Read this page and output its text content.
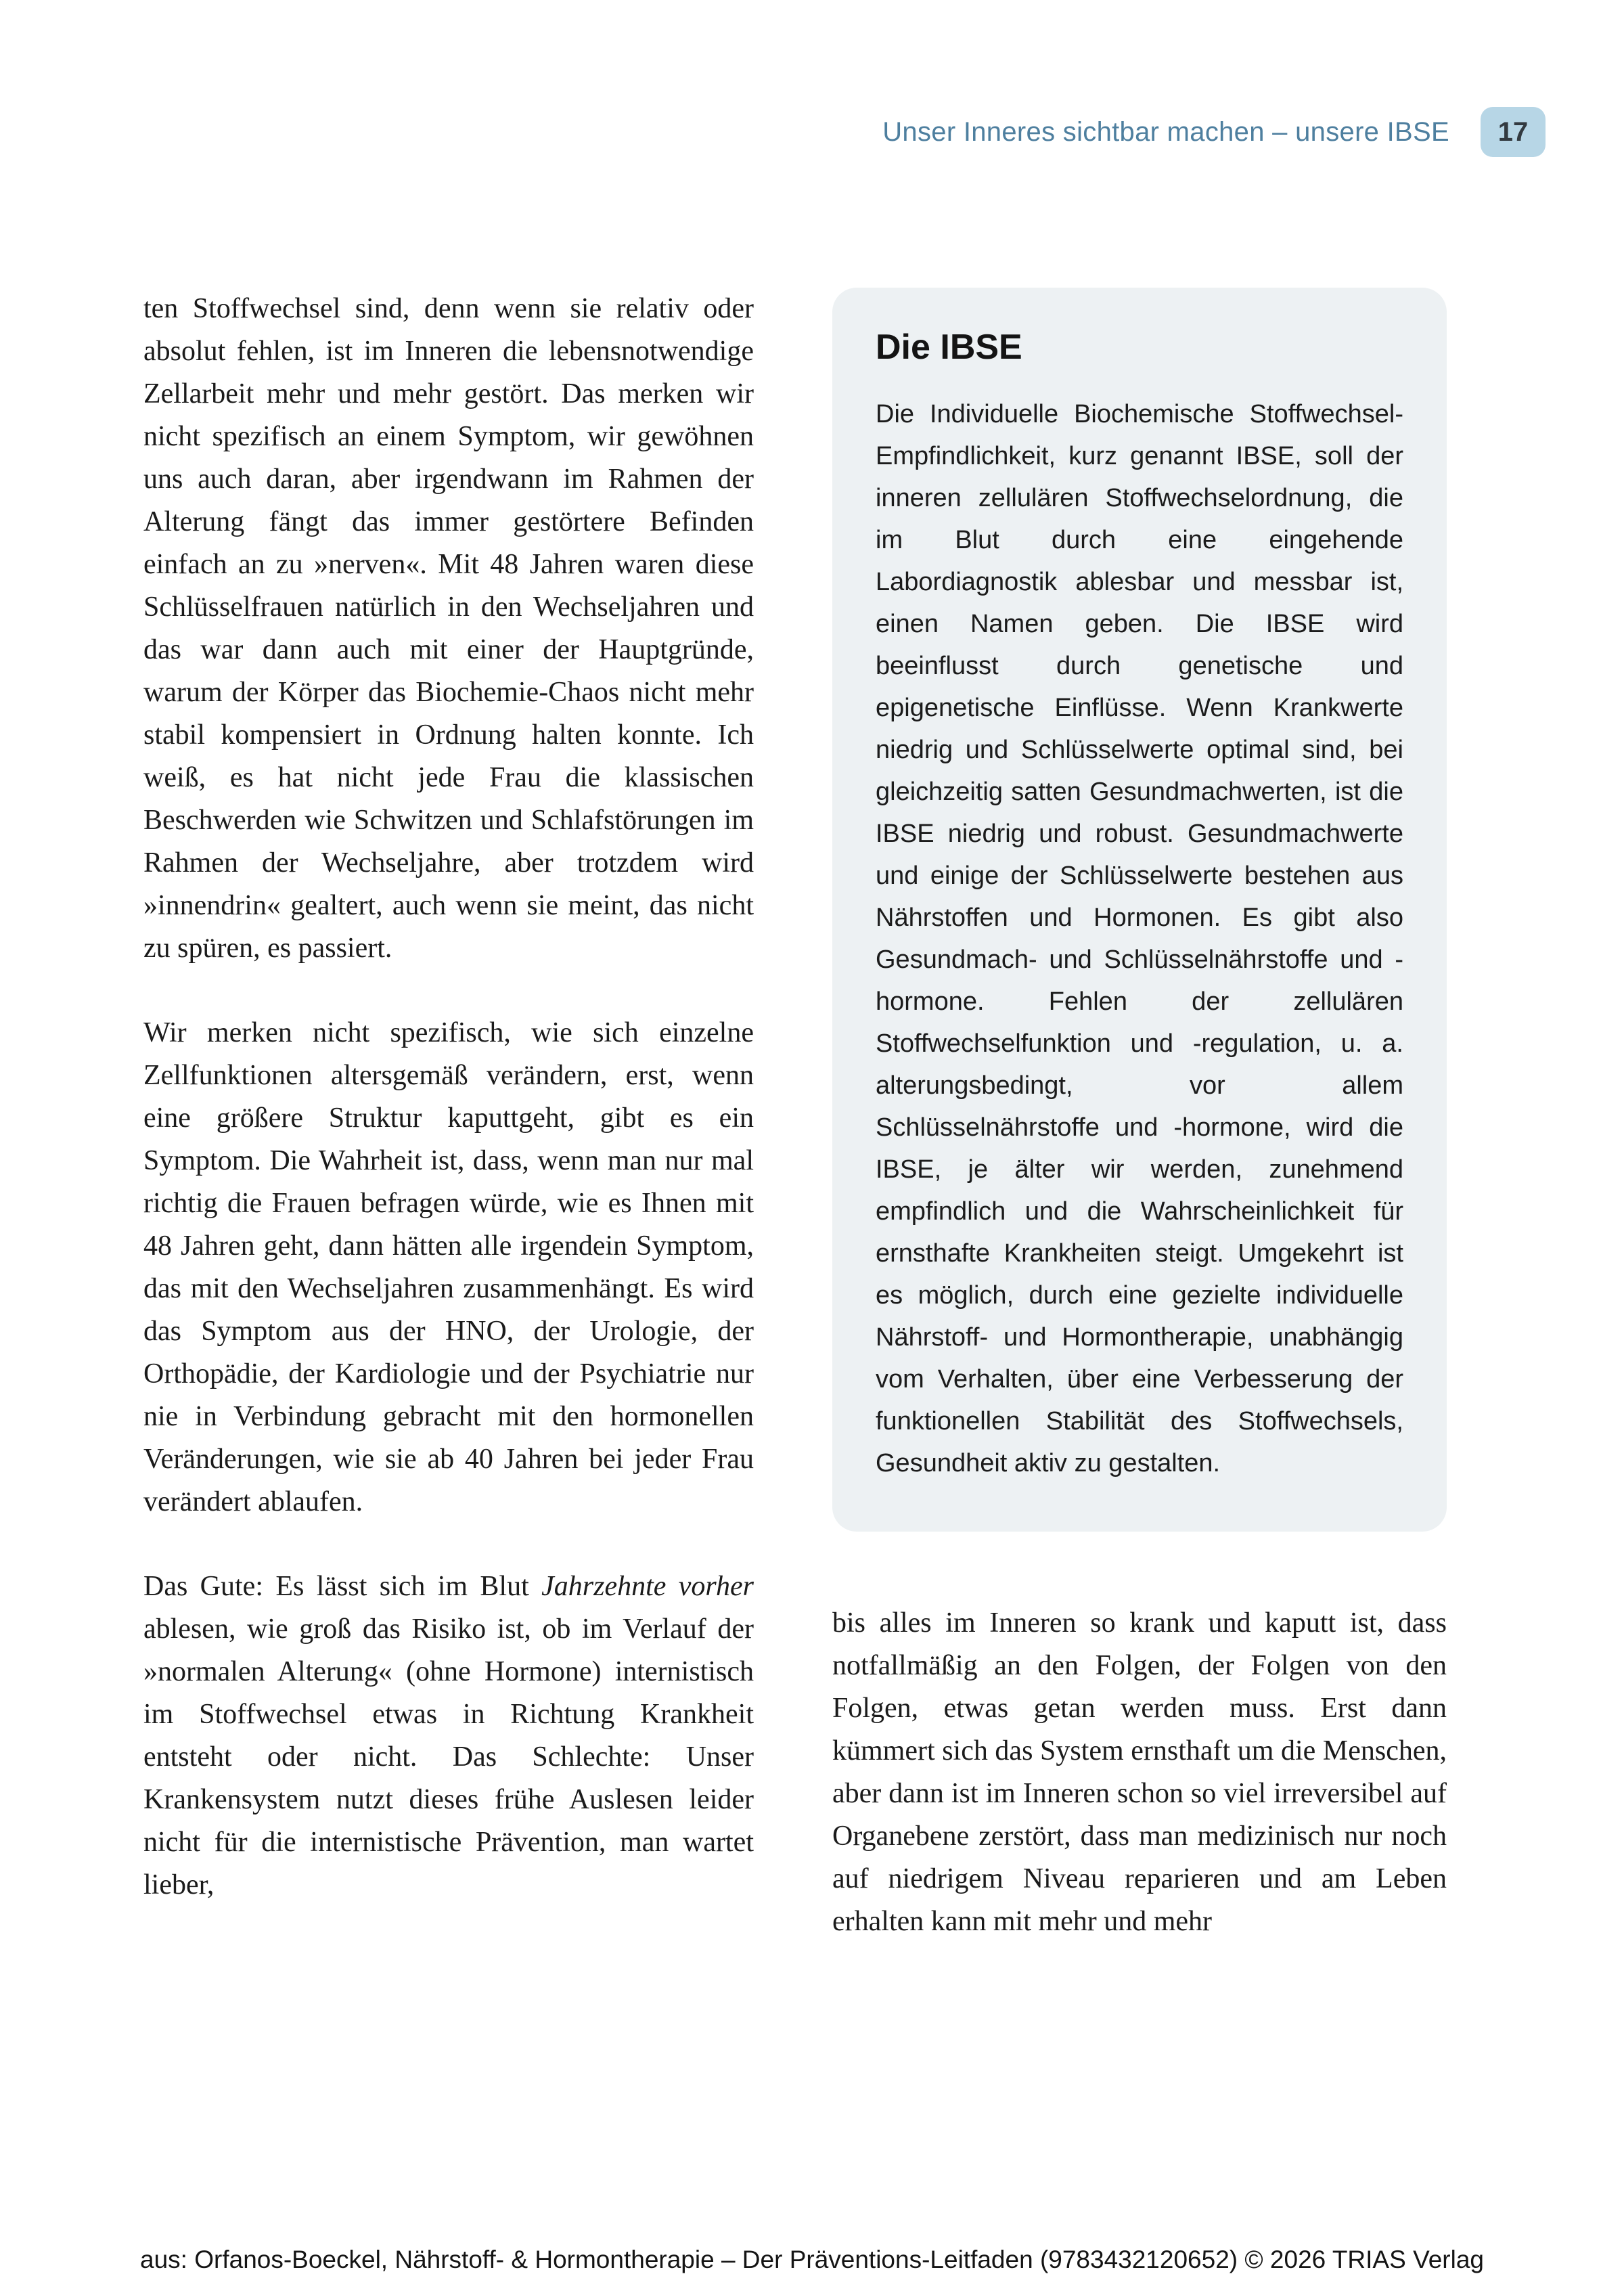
Unser Inneres sichtbar machen – unsere IBSE 17

ten Stoffwechsel sind, denn wenn sie relativ oder absolut fehlen, ist im Inneren die lebensnotwendige Zellarbeit mehr und mehr gestört. Das merken wir nicht spezifisch an einem Symptom, wir gewöhnen uns auch daran, aber irgendwann im Rahmen der Alterung fängt das immer gestörtere Befinden einfach an zu »nerven«. Mit 48 Jahren waren diese Schlüsselfrauen natürlich in den Wechseljahren und das war dann auch mit einer der Hauptgründe, warum der Körper das Biochemie-Chaos nicht mehr stabil kompensiert in Ordnung halten konnte. Ich weiß, es hat nicht jede Frau die klassischen Beschwerden wie Schwitzen und Schlafstörungen im Rahmen der Wechseljahre, aber trotzdem wird »innendrin« gealtert, auch wenn sie meint, das nicht zu spüren, es passiert.

Wir merken nicht spezifisch, wie sich einzelne Zellfunktionen altersgemäß verändern, erst, wenn eine größere Struktur kaputtgeht, gibt es ein Symptom. Die Wahrheit ist, dass, wenn man nur mal richtig die Frauen befragen würde, wie es Ihnen mit 48 Jahren geht, dann hätten alle irgendein Symptom, das mit den Wechseljahren zusammenhängt. Es wird das Symptom aus der HNO, der Urologie, der Orthopädie, der Kardiologie und der Psychiatrie nur nie in Verbindung gebracht mit den hormonellen Veränderungen, wie sie ab 40 Jahren bei jeder Frau verändert ablaufen.

Das Gute: Es lässt sich im Blut Jahrzehnte vorher ablesen, wie groß das Risiko ist, ob im Verlauf der »normalen Alterung« (ohne Hormone) internistisch im Stoffwechsel etwas in Richtung Krankheit entsteht oder nicht. Das Schlechte: Unser Krankensystem nutzt dieses frühe Auslesen leider nicht für die internistische Prävention, man wartet lieber,

Die IBSE

Die Individuelle Biochemische Stoffwechsel-Empfindlichkeit, kurz genannt IBSE, soll der inneren zellulären Stoffwechselordnung, die im Blut durch eine eingehende Labordiagnostik ablesbar und messbar ist, einen Namen geben. Die IBSE wird beeinflusst durch genetische und epigenetische Einflüsse. Wenn Krankwerte niedrig und Schlüsselwerte optimal sind, bei gleichzeitig satten Gesundmachwerten, ist die IBSE niedrig und robust. Gesundmachwerte und einige der Schlüsselwerte bestehen aus Nährstoffen und Hormonen. Es gibt also Gesundmach- und Schlüsselnährstoffe und -hormone. Fehlen der zellulären Stoffwechselfunktion und -regulation, u. a. alterungsbedingt, vor allem Schlüsselnährstoffe und -hormone, wird die IBSE, je älter wir werden, zunehmend empfindlich und die Wahrscheinlichkeit für ernsthafte Krankheiten steigt. Umgekehrt ist es möglich, durch eine gezielte individuelle Nährstoff- und Hormontherapie, unabhängig vom Verhalten, über eine Verbesserung der funktionellen Stabilität des Stoffwechsels, Gesundheit aktiv zu gestalten.

bis alles im Inneren so krank und kaputt ist, dass notfallmäßig an den Folgen, der Folgen von den Folgen, etwas getan werden muss. Erst dann kümmert sich das System ernsthaft um die Menschen, aber dann ist im Inneren schon so viel irreversibel auf Organebene zerstört, dass man medizinisch nur noch auf niedrigem Niveau reparieren und am Leben erhalten kann mit mehr und mehr

aus: Orfanos-Boeckel, Nährstoff- & Hormontherapie – Der Präventions-Leitfaden (9783432120652) © 2026 TRIAS Verlag
